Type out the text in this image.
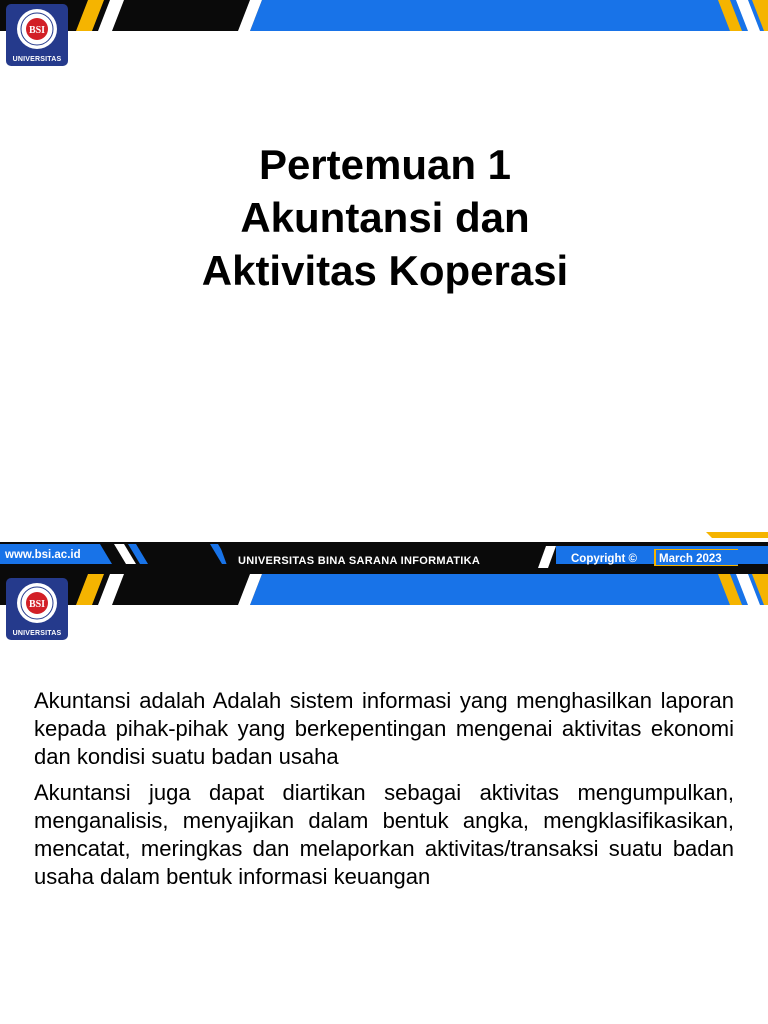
BSI
UNIVERSITAS
Pertemuan 1
Akuntansi dan
Aktivitas Koperasi
www.bsi.ac.id	UNIVERSITAS BINA SARANA INFORMATIKA	Copyright © March 2023
BSI
UNIVERSITAS

Akuntansi adalah Adalah sistem informasi yang menghasilkan laporan kepada pihak-pihak yang berkepentingan mengenai aktivitas ekonomi dan kondisi suatu badan usaha

Akuntansi juga dapat diartikan sebagai aktivitas mengumpulkan, menganalisis, menyajikan dalam bentuk angka, mengklasifikasikan, mencatat, meringkas dan melaporkan aktivitas/transaksi suatu badan usaha dalam bentuk informasi keuangan
